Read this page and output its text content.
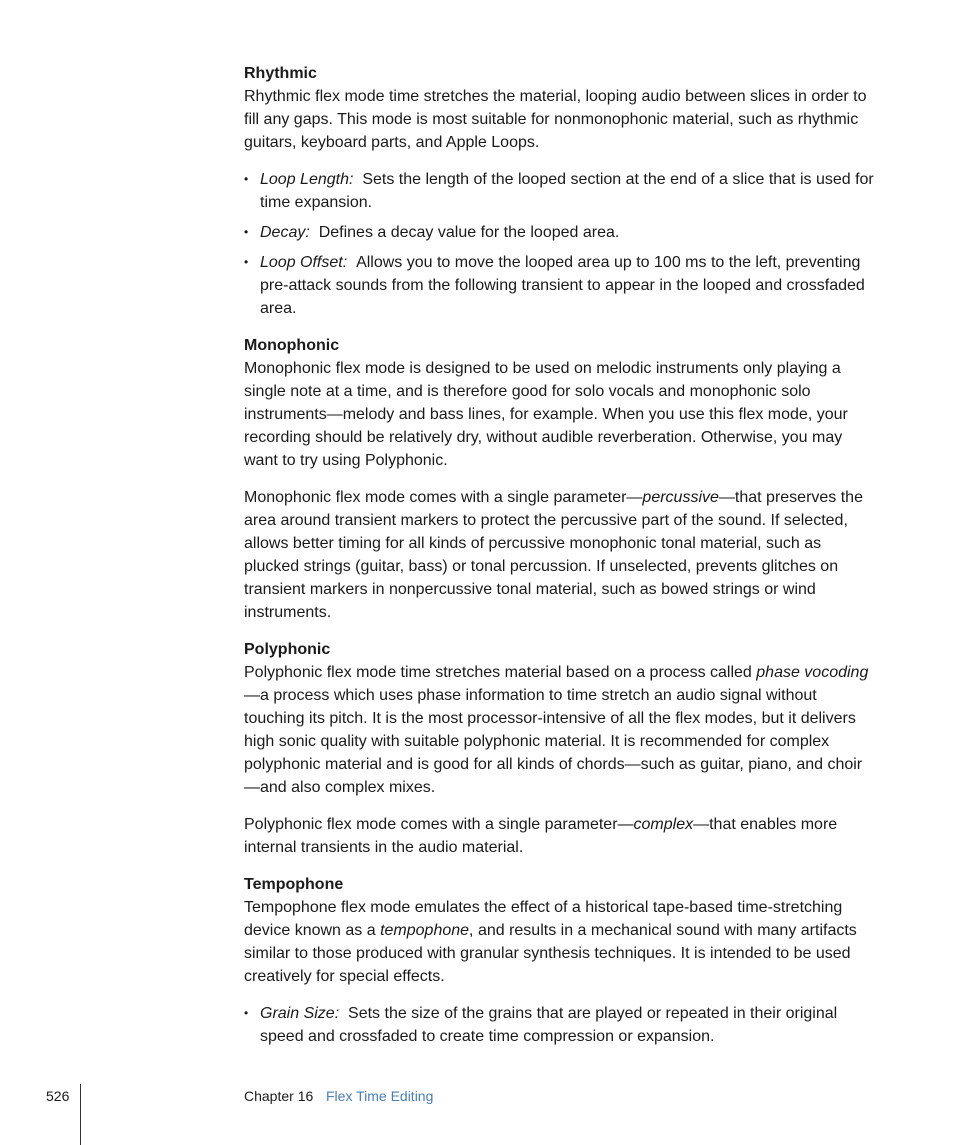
Rhythmic

Rhythmic flex mode time stretches the material, looping audio between slices in order to fill any gaps. This mode is most suitable for nonmonophonic material, such as rhythmic guitars, keyboard parts, and Apple Loops.

• Loop Length: Sets the length of the looped section at the end of a slice that is used for time expansion.
• Decay: Defines a decay value for the looped area.
• Loop Offset: Allows you to move the looped area up to 100 ms to the left, preventing pre-attack sounds from the following transient to appear in the looped and crossfaded area.
Monophonic

Monophonic flex mode is designed to be used on melodic instruments only playing a single note at a time, and is therefore good for solo vocals and monophonic solo instruments—melody and bass lines, for example. When you use this flex mode, your recording should be relatively dry, without audible reverberation. Otherwise, you may want to try using Polyphonic.

Monophonic flex mode comes with a single parameter—percussive—that preserves the area around transient markers to protect the percussive part of the sound. If selected, allows better timing for all kinds of percussive monophonic tonal material, such as plucked strings (guitar, bass) or tonal percussion. If unselected, prevents glitches on transient markers in nonpercussive tonal material, such as bowed strings or wind instruments.

Polyphonic

Polyphonic flex mode time stretches material based on a process called phase vocoding—a process which uses phase information to time stretch an audio signal without touching its pitch. It is the most processor-intensive of all the flex modes, but it delivers high sonic quality with suitable polyphonic material. It is recommended for complex polyphonic material and is good for all kinds of chords—such as guitar, piano, and choir—and also complex mixes.

Polyphonic flex mode comes with a single parameter—complex—that enables more internal transients in the audio material.

Tempophone

Tempophone flex mode emulates the effect of a historical tape-based time-stretching device known as a tempophone, and results in a mechanical sound with many artifacts similar to those produced with granular synthesis techniques. It is intended to be used creatively for special effects.

• Grain Size: Sets the size of the grains that are played or repeated in their original speed and crossfaded to create time compression or expansion.
526	Chapter 16 Flex Time Editing
